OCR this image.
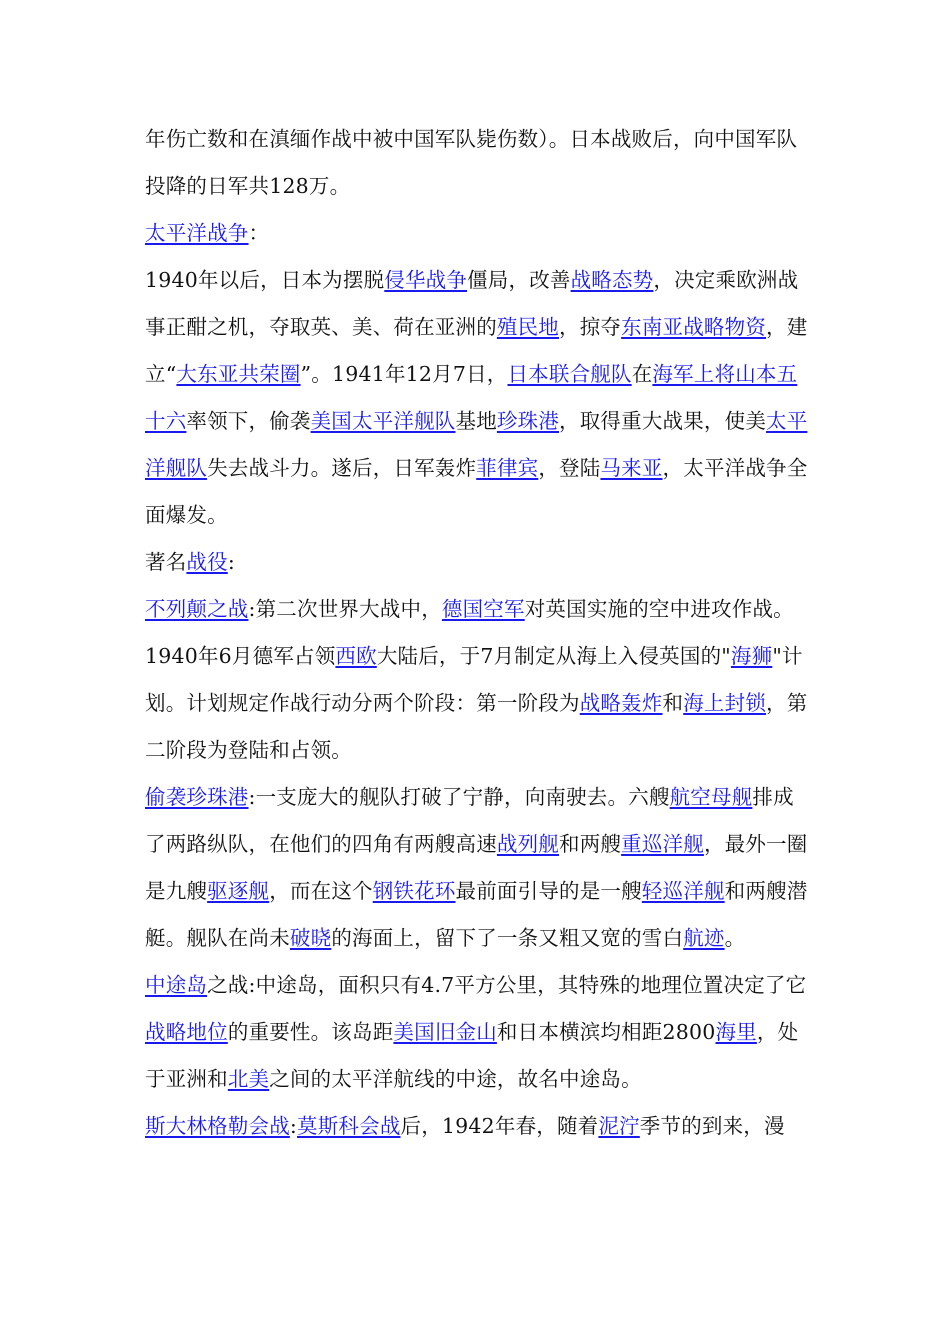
年伤亡数和在滇缅作战中被中国军队毙伤数）。日本战败后，向中国军队投降的日军共128万。

太平洋战争：

1940年以后，日本为摆脱侵华战争僵局，改善战略态势，决定乘欧洲战事正酣之机，夺取英、美、荷在亚洲的殖民地，掠夺东南亚战略物资，建立“大东亚共荣圈”。1941年12月7日，日本联合舰队在海军上将山本五十六率领下，偷袭美国太平洋舰队基地珍珠港，取得重大战果，使美太平洋舰队失去战斗力。遂后，日军轰炸菲律宾，登陆马来亚，太平洋战争全面爆发。

著名战役:

不列颠之战:第二次世界大战中，德国空军对英国实施的空中进攻作战。1940年6月德军占领西欧大陆后，于7月制定从海上入侵英国的"海狮"计划。计划规定作战行动分两个阶段：第一阶段为战略轰炸和海上封锁，第二阶段为登陆和占领。

偷袭珍珠港:一支庞大的舰队打破了宁静，向南驶去。六艘航空母舰排成了两路纵队，在他们的四角有两艘高速战列舰和两艘重巡洋舰，最外一圈是九艘驱逐舰，而在这个钢铁花环最前面引导的是一艘轻巡洋舰和两艘潜艇。舰队在尚未破晓的海面上，留下了一条又粗又宽的雪白航迹。

中途岛之战:中途岛，面积只有4.7平方公里，其特殊的地理位置决定了它战略地位的重要性。该岛距美国旧金山和日本横滨均相距2800海里，处于亚洲和北美之间的太平洋航线的中途，故名中途岛。

斯大林格勒会战:莫斯科会战后，1942年春，随着泥泞季节的到来，漫
